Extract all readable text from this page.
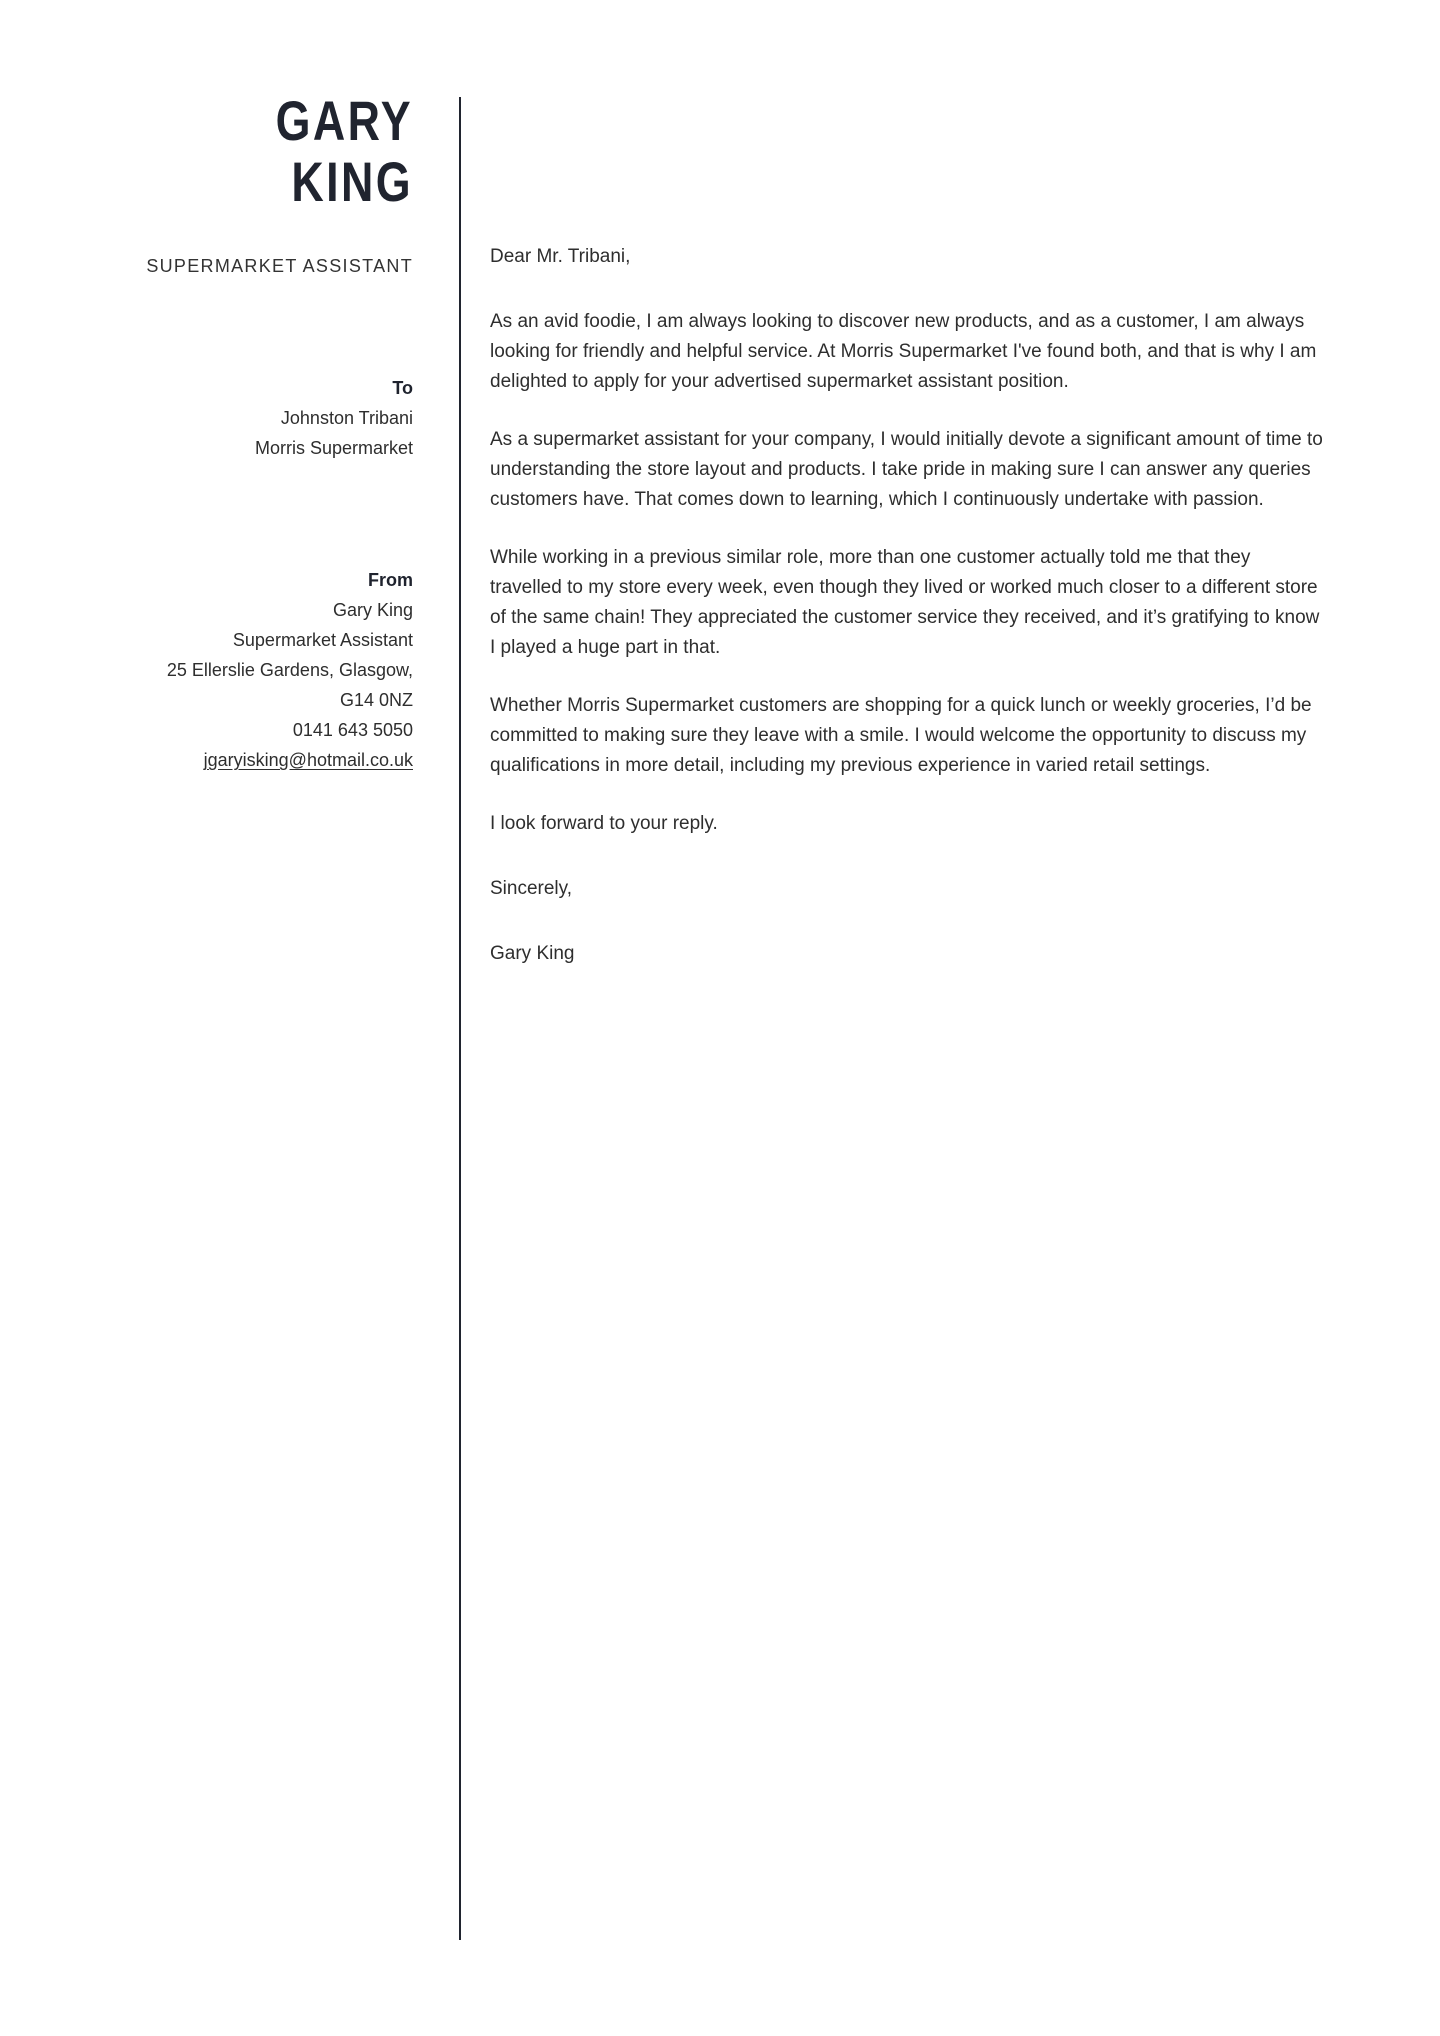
GARY
KING
SUPERMARKET ASSISTANT
To
Johnston Tribani
Morris Supermarket
From
Gary King
Supermarket Assistant
25 Ellerslie Gardens, Glasgow,
G14 0NZ
0141 643 5050
jgaryisking@hotmail.co.uk

Dear Mr. Tribani,

As an avid foodie, I am always looking to discover new products, and as a customer, I am always looking for friendly and helpful service. At Morris Supermarket I've found both, and that is why I am delighted to apply for your advertised supermarket assistant position.

As a supermarket assistant for your company, I would initially devote a significant amount of time to understanding the store layout and products. I take pride in making sure I can answer any queries customers have. That comes down to learning, which I continuously undertake with passion.

While working in a previous similar role, more than one customer actually told me that they travelled to my store every week, even though they lived or worked much closer to a different store of the same chain! They appreciated the customer service they received, and it’s gratifying to know I played a huge part in that.

Whether Morris Supermarket customers are shopping for a quick lunch or weekly groceries, I’d be committed to making sure they leave with a smile. I would welcome the opportunity to discuss my qualifications in more detail, including my previous experience in varied retail settings.

I look forward to your reply.

Sincerely,

Gary King
